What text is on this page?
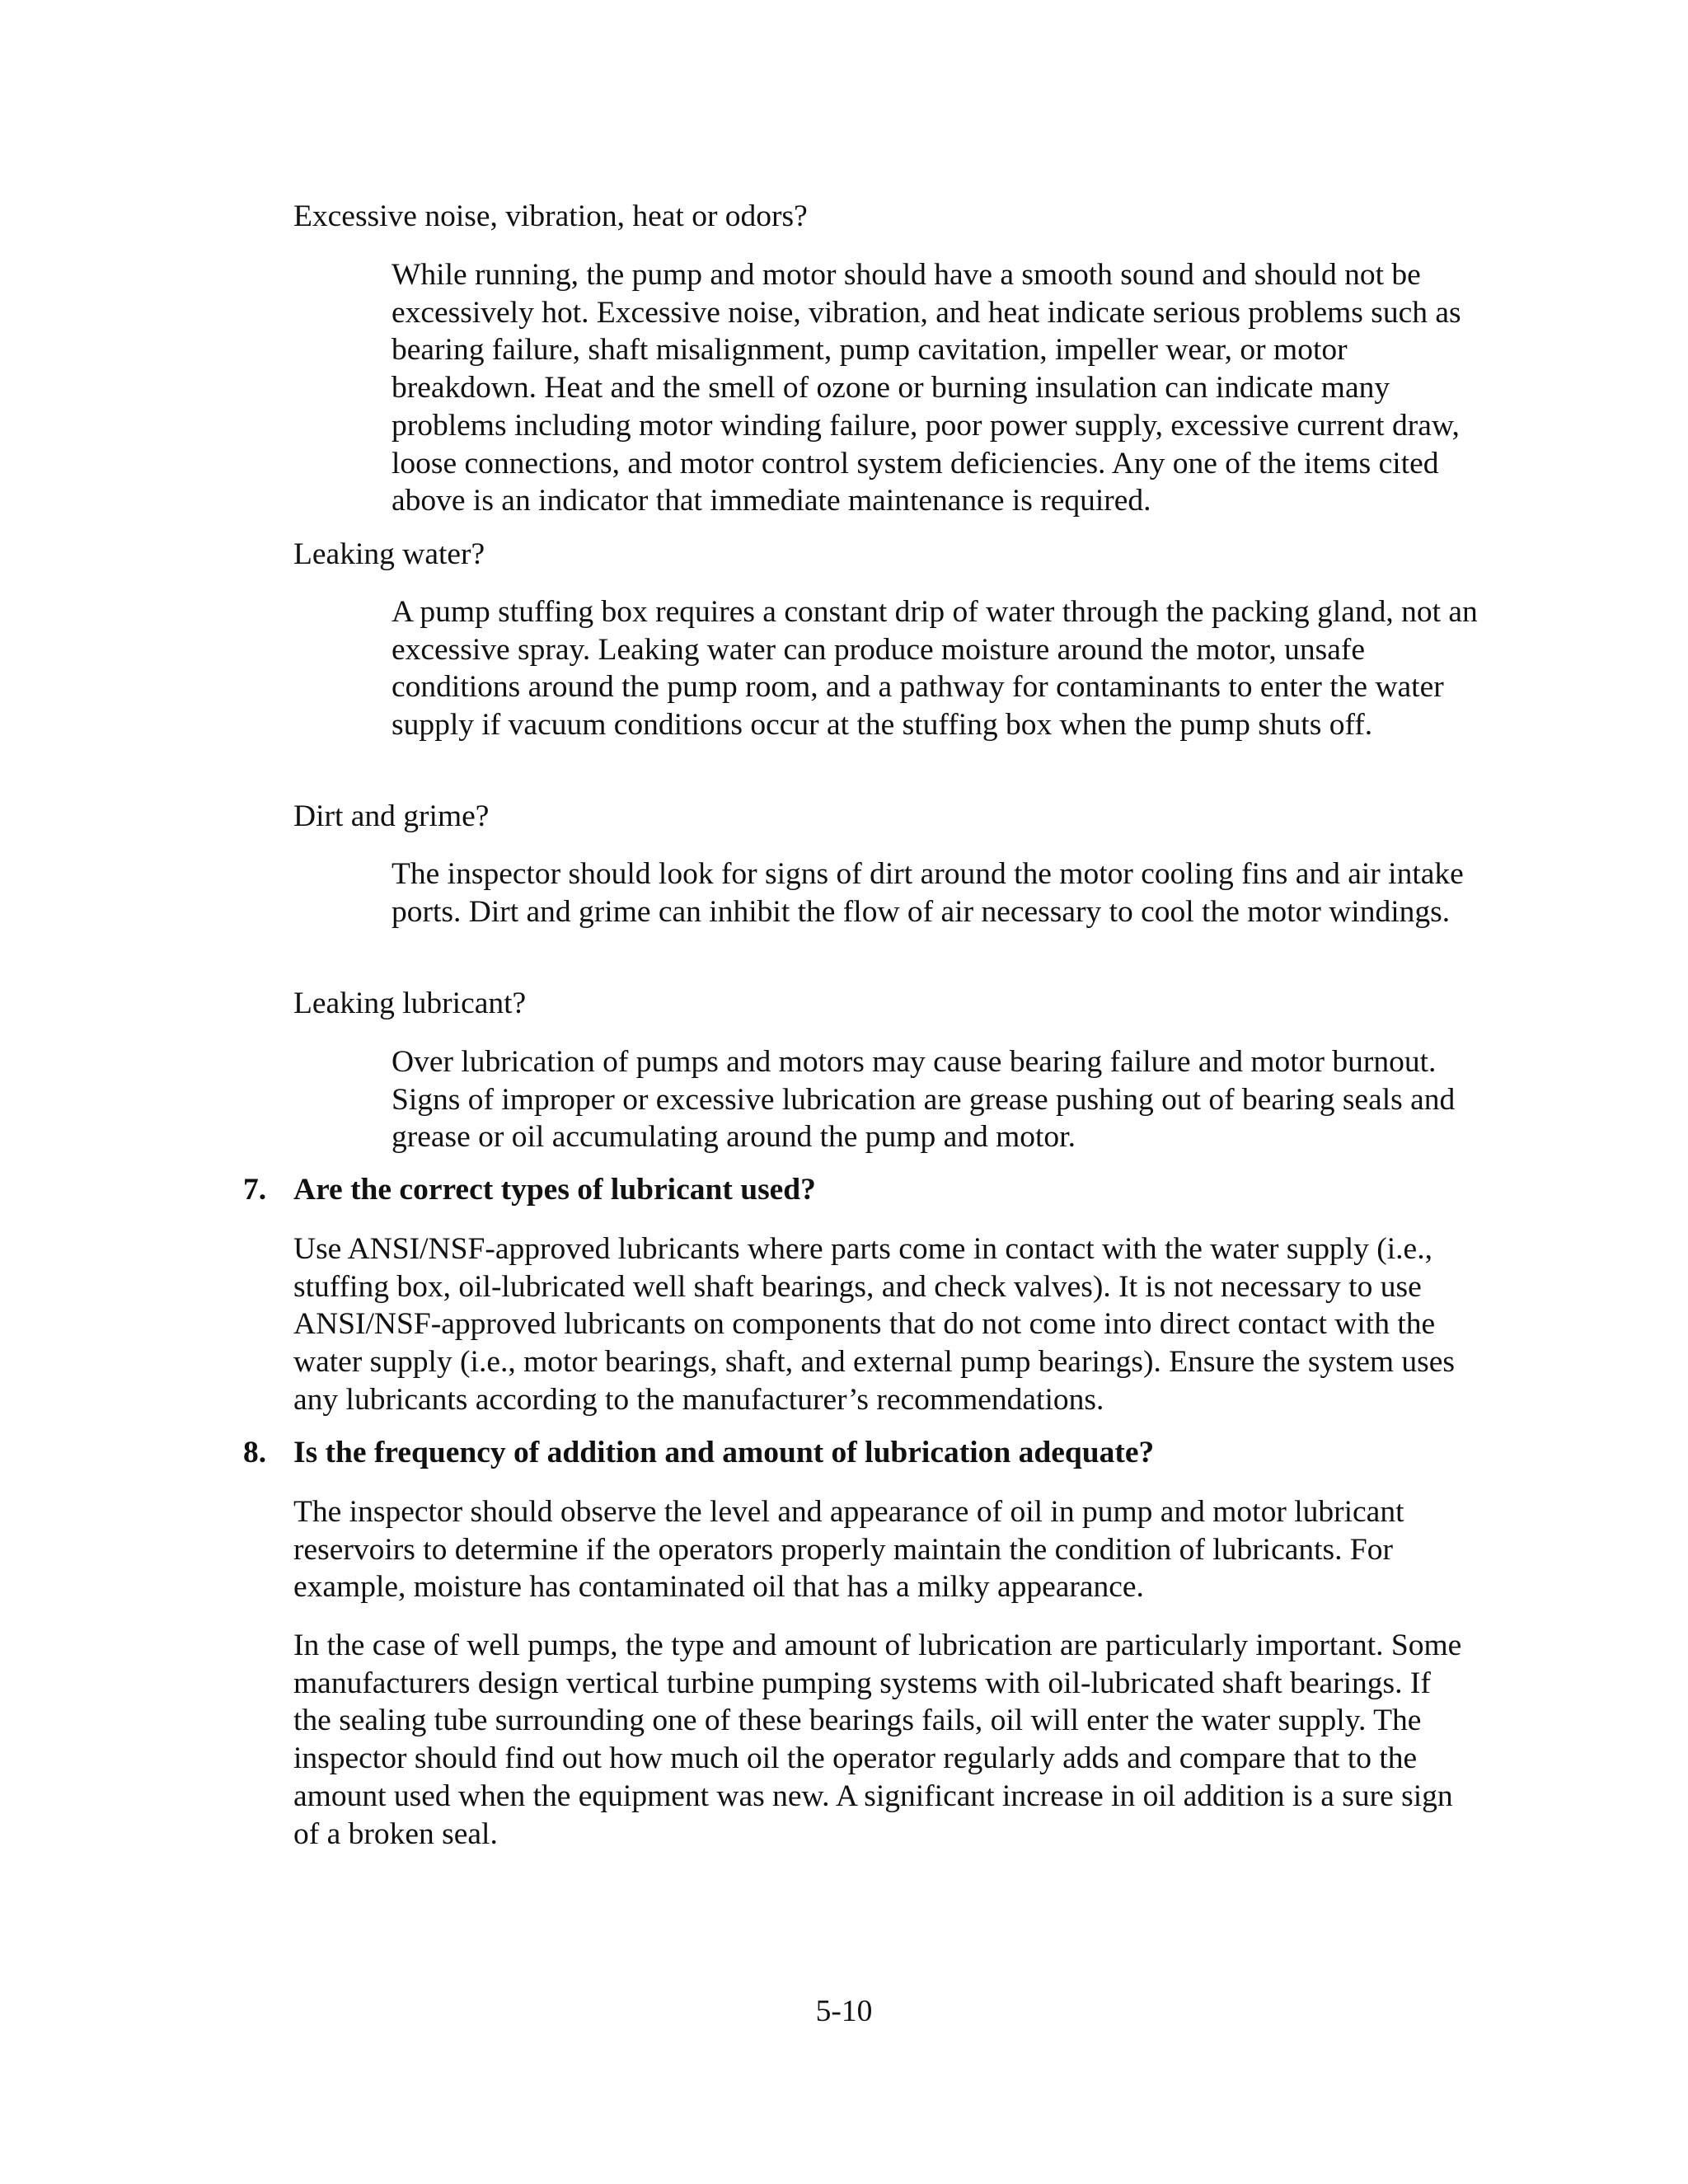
Excessive noise, vibration, heat or odors?

While running, the pump and motor should have a smooth sound and should not be excessively hot. Excessive noise, vibration, and heat indicate serious problems such as bearing failure, shaft misalignment, pump cavitation, impeller wear, or motor breakdown. Heat and the smell of ozone or burning insulation can indicate many problems including motor winding failure, poor power supply, excessive current draw, loose connections, and motor control system deficiencies. Any one of the items cited above is an indicator that immediate maintenance is required.

Leaking water?

A pump stuffing box requires a constant drip of water through the packing gland, not an excessive spray. Leaking water can produce moisture around the motor, unsafe conditions around the pump room, and a pathway for contaminants to enter the water supply if vacuum conditions occur at the stuffing box when the pump shuts off.

Dirt and grime?

The inspector should look for signs of dirt around the motor cooling fins and air intake ports. Dirt and grime can inhibit the flow of air necessary to cool the motor windings.

Leaking lubricant?

Over lubrication of pumps and motors may cause bearing failure and motor burnout. Signs of improper or excessive lubrication are grease pushing out of bearing seals and grease or oil accumulating around the pump and motor.

7. Are the correct types of lubricant used?

Use ANSI/NSF-approved lubricants where parts come in contact with the water supply (i.e., stuffing box, oil-lubricated well shaft bearings, and check valves). It is not necessary to use ANSI/NSF-approved lubricants on components that do not come into direct contact with the water supply (i.e., motor bearings, shaft, and external pump bearings). Ensure the system uses any lubricants according to the manufacturer’s recommendations.

8. Is the frequency of addition and amount of lubrication adequate?

The inspector should observe the level and appearance of oil in pump and motor lubricant reservoirs to determine if the operators properly maintain the condition of lubricants. For example, moisture has contaminated oil that has a milky appearance.

In the case of well pumps, the type and amount of lubrication are particularly important. Some manufacturers design vertical turbine pumping systems with oil-lubricated shaft bearings. If the sealing tube surrounding one of these bearings fails, oil will enter the water supply. The inspector should find out how much oil the operator regularly adds and compare that to the amount used when the equipment was new. A significant increase in oil addition is a sure sign of a broken seal.

5-10
